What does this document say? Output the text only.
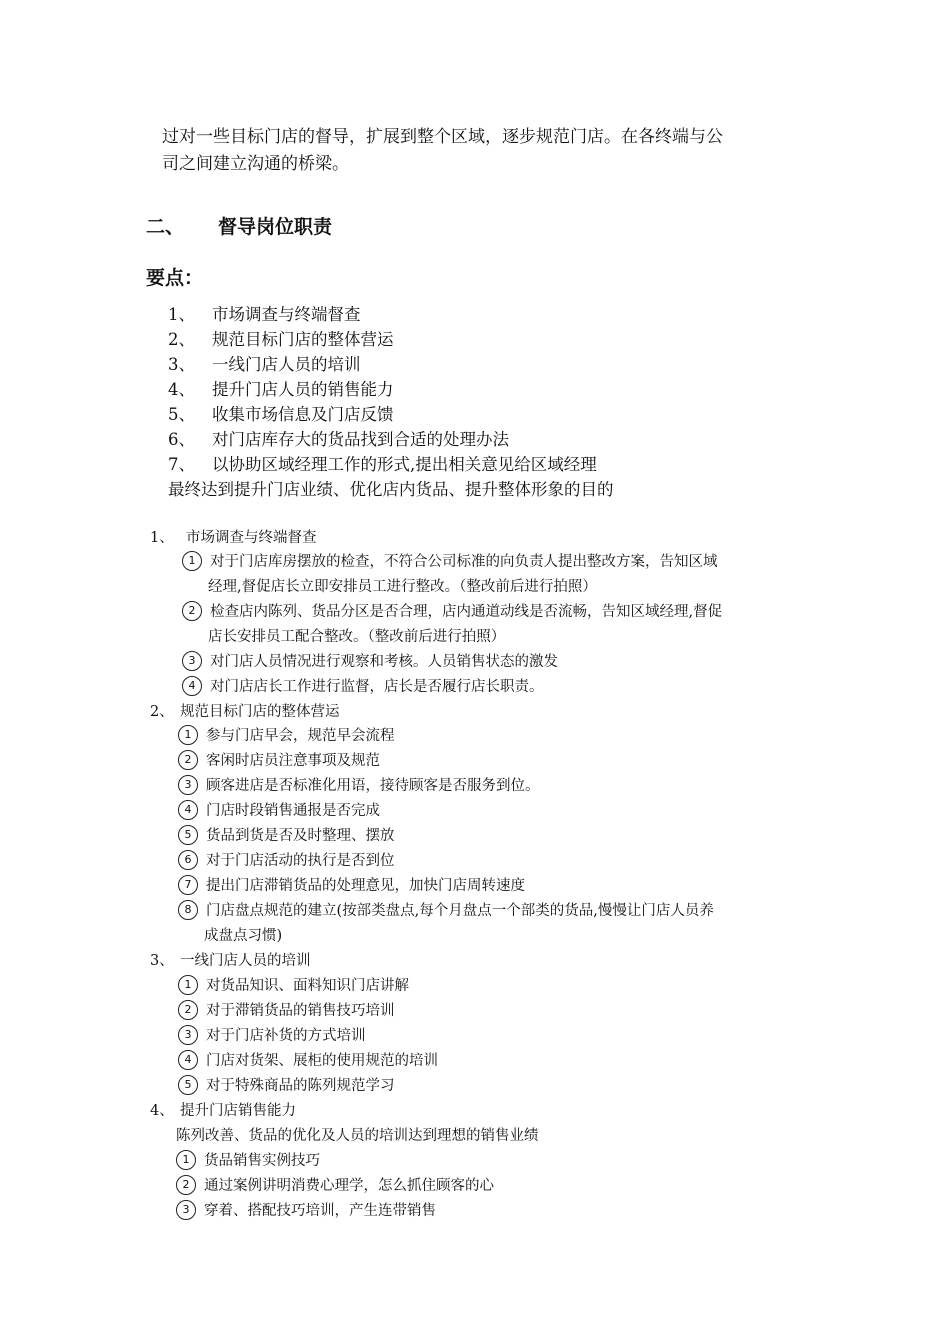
过对一些目标门店的督导，扩展到整个区域，逐步规范门店。在各终端与公
司之间建立沟通的桥梁。
二、 督导岗位职责
要点：
1、 市场调查与终端督查
2、 规范目标门店的整体营运
3、 一线门店人员的培训
4、 提升门店人员的销售能力
5、 收集市场信息及门店反馈
6、 对门店库存大的货品找到合适的处理办法
7、 以协助区域经理工作的形式,提出相关意见给区域经理
最终达到提升门店业绩、优化店内货品、提升整体形象的目的
1、 市场调查与终端督查
1 对于门店库房摆放的检查，不符合公司标准的向负责人提出整改方案，告知区域
经理,督促店长立即安排员工进行整改。（整改前后进行拍照）
2 检查店内陈列、货品分区是否合理，店内通道动线是否流畅，告知区域经理,督促
店长安排员工配合整改。（整改前后进行拍照）
3 对门店人员情况进行观察和考核。人员销售状态的激发
4 对门店店长工作进行监督，店长是否履行店长职责。
2、 规范目标门店的整体营运
1 参与门店早会，规范早会流程
2 客闲时店员注意事项及规范
3 顾客进店是否标准化用语，接待顾客是否服务到位。
4 门店时段销售通报是否完成
5 货品到货是否及时整理、摆放
6 对于门店活动的执行是否到位
7 提出门店滞销货品的处理意见，加快门店周转速度
8 门店盘点规范的建立(按部类盘点,每个月盘点一个部类的货品,慢慢让门店人员养
成盘点习惯)
3、 一线门店人员的培训
1 对货品知识、面料知识门店讲解
2 对于滞销货品的销售技巧培训
3 对于门店补货的方式培训
4 门店对货架、展柜的使用规范的培训
5 对于特殊商品的陈列规范学习
4、 提升门店销售能力
陈列改善、货品的优化及人员的培训达到理想的销售业绩
1 货品销售实例技巧
2 通过案例讲明消费心理学，怎么抓住顾客的心
3 穿着、搭配技巧培训，产生连带销售
